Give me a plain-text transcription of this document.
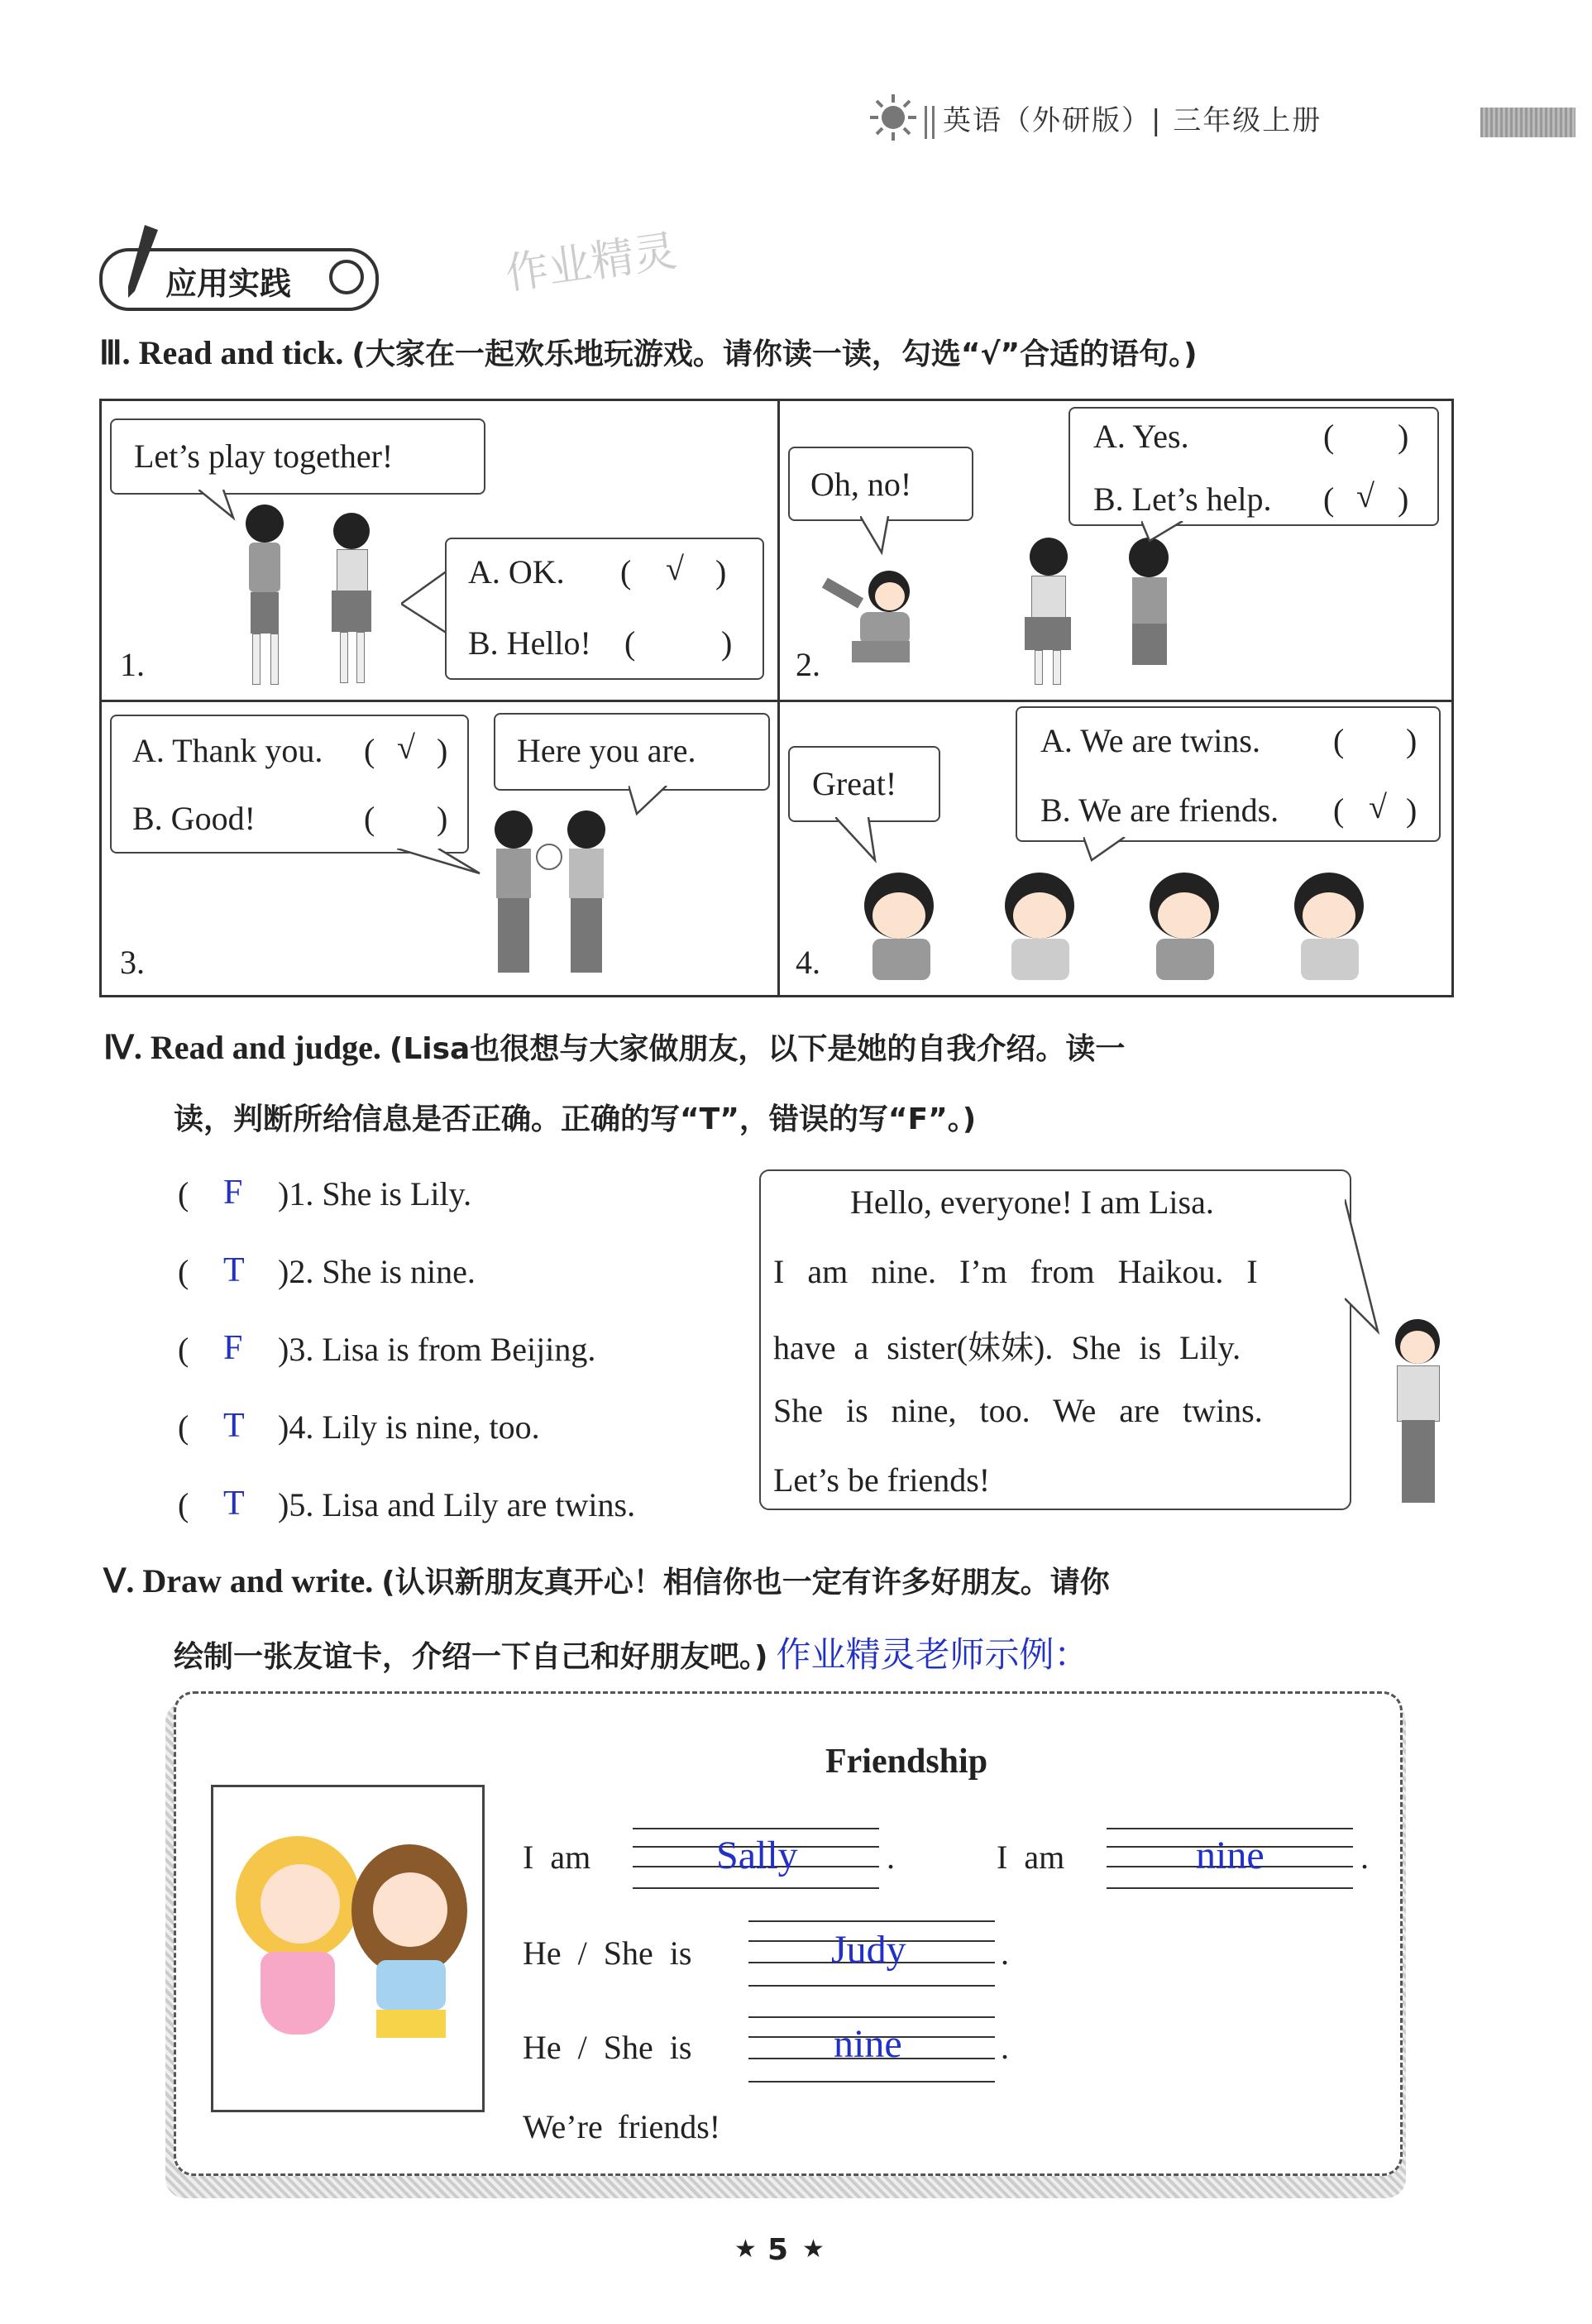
英语（外研版）| 三年级上册
应用实践	作业精灵
Ⅲ. Read and tick. (大家在一起欢乐地玩游戏。请你读一读，勾选“√”合适的语句。)
Let’s play together!
A. OK. ( √ )
B. Hello! (	)
1.
Oh, no!
A. Yes.	( )
B. Let’s help. ( √ )
2.
A. Thank you. ( √ )
B. Good!	( )
Here you are.
3.
Great!
A. We are twins. ( )
B. We are friends. ( √ )
4.
Ⅳ. Read and judge. (Lisa也很想与大家做朋友，以下是她的自我介绍。读一
读，判断所给信息是否正确。正确的写“T”，错误的写“F”。)
( F )1. She is Lily.
( T )2. She is nine.
( F )3. Lisa is from Beijing.
( T )4. Lily is nine, too.
( T )5. Lisa and Lily are twins.
Hello, everyone! I am Lisa.
I am nine. I’m from Haikou. I
have a sister(妹妹). She is Lily.
She is nine, too. We are twins.
Let’s be friends!
Ⅴ. Draw and write. (认识新朋友真开心！相信你也一定有许多好朋友。请你
绘制一张友谊卡，介绍一下自己和好朋友吧。) 作业精灵老师示例：
Friendship
I am	Sally	.	I am	nine	.
He / She is	Judy	.
He / She is	nine	.
We’re friends!
★ 5 ★
